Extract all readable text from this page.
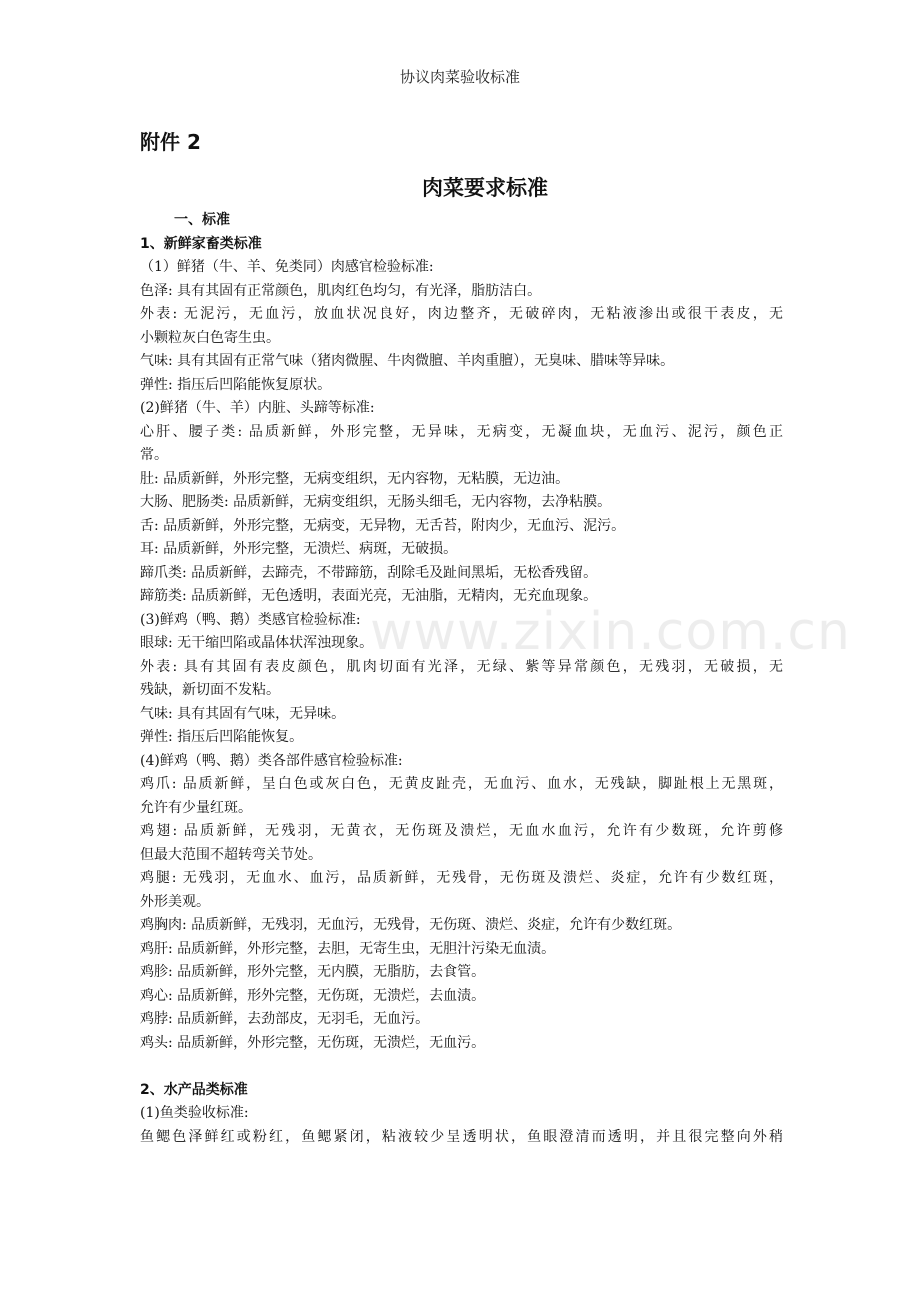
协议肉菜验收标准
附件 2
肉菜要求标准
www.zixin.com.cn
一、标准
1、新鲜家畜类标准
（1）鲜猪（牛、羊、免类同）肉感官检验标准:
色泽: 具有其固有正常颜色，肌肉红色均匀，有光泽，脂肪洁白。
外表: 无泥污，无血污，放血状况良好，肉边整齐，无破碎肉，无粘液渗出或很干表皮，无
小颗粒灰白色寄生虫。
气味: 具有其固有正常气味（猪肉微腥、牛肉微膻、羊肉重膻），无臭味、腊味等异味。
弹性: 指压后凹陷能恢复原状。
(2)鲜猪（牛、羊）内脏、头蹄等标准:
心肝、腰子类: 品质新鲜，外形完整，无异味，无病变，无凝血块，无血污、泥污，颜色正
常。
肚: 品质新鲜，外形完整，无病变组织，无内容物，无粘膜，无边油。
大肠、肥肠类: 品质新鲜，无病变组织，无肠头细毛，无内容物，去净粘膜。
舌: 品质新鲜，外形完整，无病变，无异物，无舌苔，附肉少，无血污、泥污。
耳: 品质新鲜，外形完整，无溃烂、病斑，无破损。
蹄爪类: 品质新鲜，去蹄壳，不带蹄筋，刮除毛及趾间黑垢，无松香残留。
蹄筋类: 品质新鲜，无色透明，表面光亮，无油脂，无精肉，无充血现象。
(3)鲜鸡（鸭、鹅）类感官检验标准:
眼球: 无干缩凹陷或晶体状浑浊现象。
外表: 具有其固有表皮颜色，肌肉切面有光泽，无绿、紫等异常颜色，无残羽，无破损，无
残缺，新切面不发粘。
气味: 具有其固有气味，无异味。
弹性: 指压后凹陷能恢复。
(4)鲜鸡（鸭、鹅）类各部件感官检验标准:
鸡爪: 品质新鲜，呈白色或灰白色，无黄皮趾壳，无血污、血水，无残缺，脚趾根上无黑斑，
允许有少量红斑。
鸡翅: 品质新鲜，无残羽，无黄衣，无伤斑及溃烂，无血水血污，允许有少数斑，允许剪修
但最大范围不超转弯关节处。
鸡腿: 无残羽，无血水、血污，品质新鲜，无残骨，无伤斑及溃烂、炎症，允许有少数红斑，
外形美观。
鸡胸肉: 品质新鲜，无残羽，无血污，无残骨，无伤斑、溃烂、炎症，允许有少数红斑。
鸡肝: 品质新鲜，外形完整，去胆，无寄生虫，无胆汁污染无血渍。
鸡胗: 品质新鲜，形外完整，无内膜，无脂肪，去食管。
鸡心: 品质新鲜，形外完整，无伤斑，无溃烂，去血渍。
鸡脖: 品质新鲜，去劲部皮，无羽毛，无血污。
鸡头: 品质新鲜，外形完整，无伤斑，无溃烂，无血污。
2、水产品类标准
(1)鱼类验收标准:
鱼鳃色泽鲜红或粉红，鱼鳃紧闭，粘液较少呈透明状，鱼眼澄清而透明，并且很完整向外稍
